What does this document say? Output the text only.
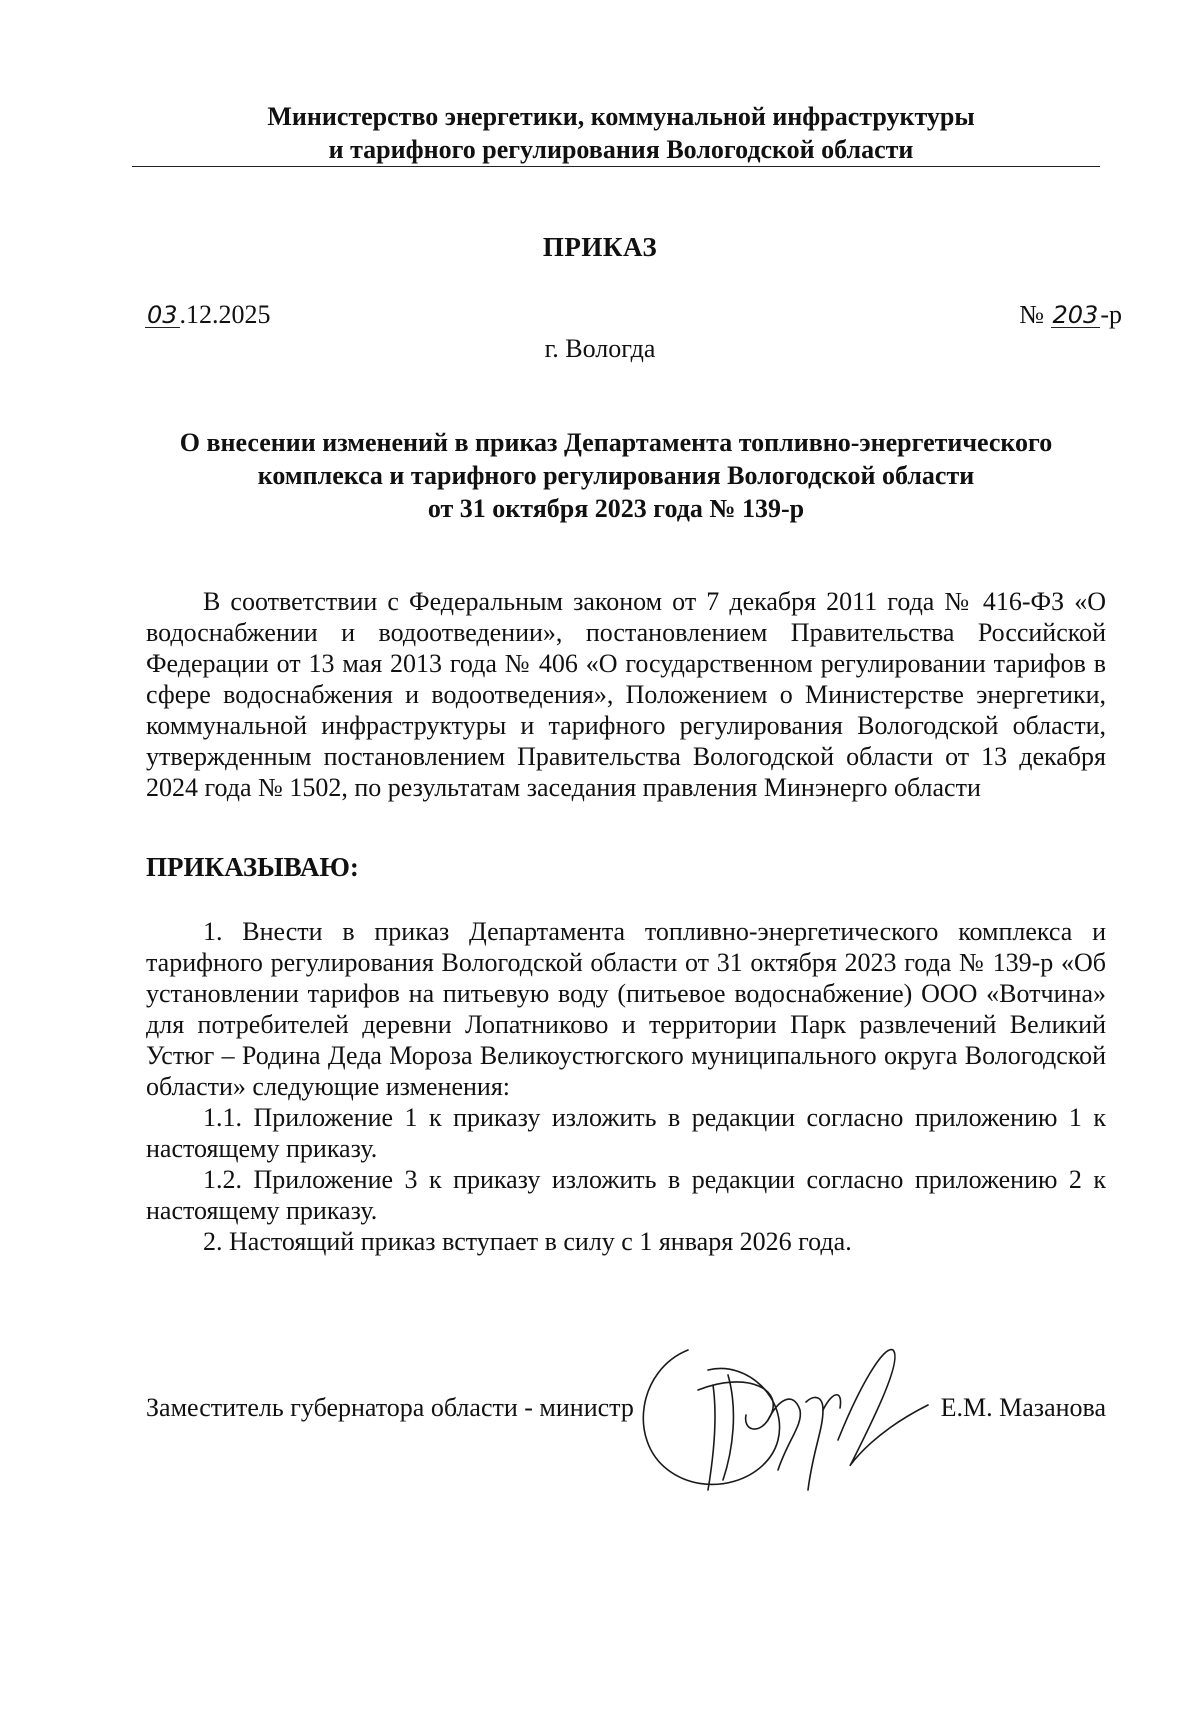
Министерство энергетики, коммунальной инфраструктуры
и тарифного регулирования Вологодской области
ПРИКАЗ
03.12.2025	№ 203-р
г. Вологда
О внесении изменений в приказ Департамента топливно-энергетического
комплекса и тарифного регулирования Вологодской области
от 31 октября 2023 года № 139-р

В соответствии с Федеральным законом от 7 декабря 2011 года № 416-ФЗ «О водоснабжении и водоотведении», постановлением Правительства Российской Федерации от 13 мая 2013 года № 406 «О государственном регулировании тарифов в сфере водоснабжения и водоотведения», Положением о Министерстве энергетики, коммунальной инфраструктуры и тарифного регулирования Вологодской области, утвержденным постановлением Правительства Вологодской области от 13 декабря 2024 года № 1502, по результатам заседания правления Минэнерго области

ПРИКАЗЫВАЮ:

1. Внести в приказ Департамента топливно-энергетического комплекса и тарифного регулирования Вологодской области от 31 октября 2023 года № 139-р «Об установлении тарифов на питьевую воду (питьевое водоснабжение) ООО «Вотчина» для потребителей деревни Лопатниково и территории Парк развлечений Великий Устюг – Родина Деда Мороза Великоустюгского муниципального округа Вологодской области» следующие изменения:

1.1. Приложение 1 к приказу изложить в редакции согласно приложению 1 к настоящему приказу.

1.2. Приложение 3 к приказу изложить в редакции согласно приложению 2 к настоящему приказу.

2. Настоящий приказ вступает в силу с 1 января 2026 года.

Заместитель губернатора области - министр	Е.М. Мазанова
